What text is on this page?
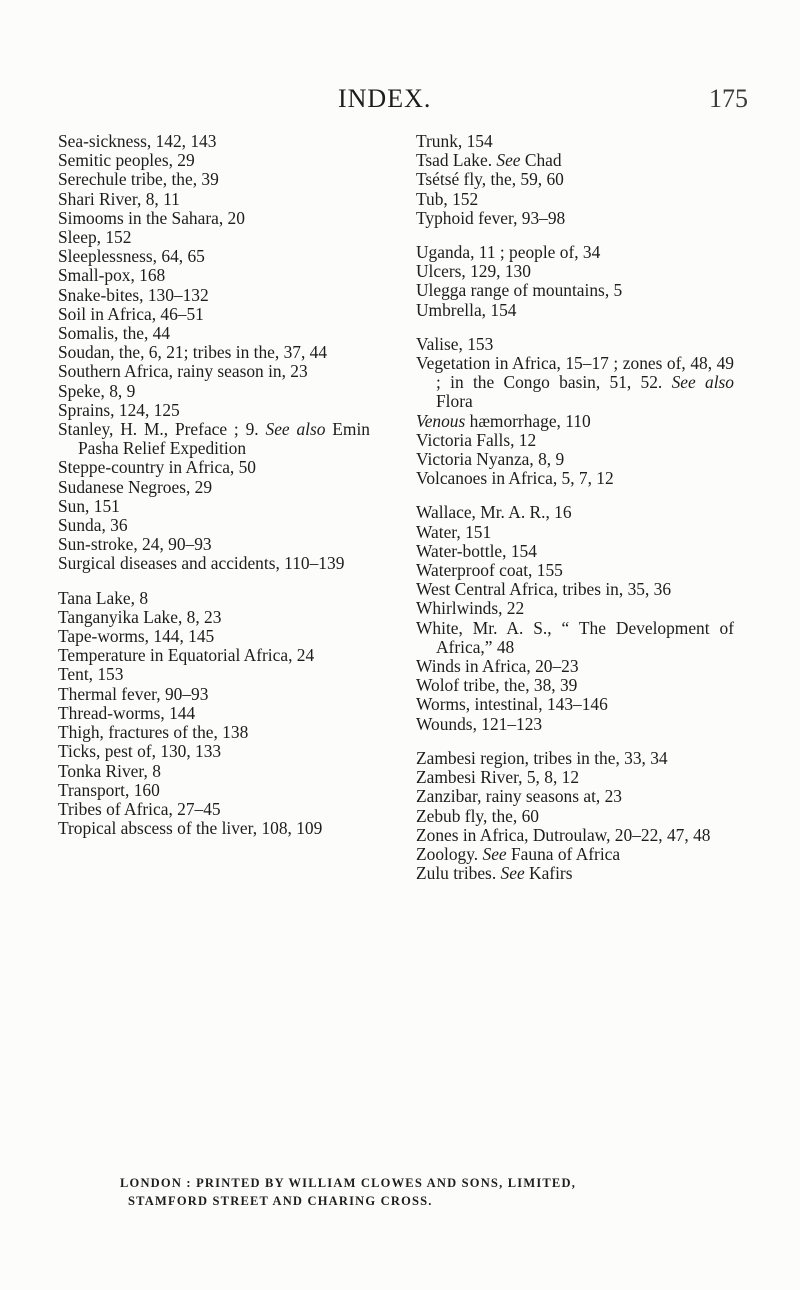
INDEX.	175
Sea-sickness, 142, 143
Semitic peoples, 29
Serechule tribe, the, 39
Shari River, 8, 11
Simooms in the Sahara, 20
Sleep, 152
Sleeplessness, 64, 65
Small-pox, 168
Snake-bites, 130–132
Soil in Africa, 46–51
Somalis, the, 44
Soudan, the, 6, 21; tribes in the, 37, 44
Southern Africa, rainy season in, 23
Speke, 8, 9
Sprains, 124, 125
Stanley, H. M., Preface ; 9. See also Emin Pasha Relief Expedition
Steppe-country in Africa, 50
Sudanese Negroes, 29
Sun, 151
Sunda, 36
Sun-stroke, 24, 90–93
Surgical diseases and accidents, 110–139
Tana Lake, 8
Tanganyika Lake, 8, 23
Tape-worms, 144, 145
Temperature in Equatorial Africa, 24
Tent, 153
Thermal fever, 90–93
Thread-worms, 144
Thigh, fractures of the, 138
Ticks, pest of, 130, 133
Tonka River, 8
Transport, 160
Tribes of Africa, 27–45
Tropical abscess of the liver, 108, 109
Trunk, 154
Tsad Lake. See Chad
Tsétsé fly, the, 59, 60
Tub, 152
Typhoid fever, 93–98
Uganda, 11 ; people of, 34
Ulcers, 129, 130
Ulegga range of mountains, 5
Umbrella, 154
Valise, 153
Vegetation in Africa, 15–17 ; zones of, 48, 49 ; in the Congo basin, 51, 52. See also Flora
Venous hæmorrhage, 110
Victoria Falls, 12
Victoria Nyanza, 8, 9
Volcanoes in Africa, 5, 7, 12
Wallace, Mr. A. R., 16
Water, 151
Water-bottle, 154
Waterproof coat, 155
West Central Africa, tribes in, 35, 36
Whirlwinds, 22
White, Mr. A. S., “ The Development of Africa,” 48
Winds in Africa, 20–23
Wolof tribe, the, 38, 39
Worms, intestinal, 143–146
Wounds, 121–123
Zambesi region, tribes in the, 33, 34
Zambesi River, 5, 8, 12
Zanzibar, rainy seasons at, 23
Zebub fly, the, 60
Zones in Africa, Dutroulaw, 20–22, 47, 48
Zoology. See Fauna of Africa
Zulu tribes. See Kafirs
LONDON : PRINTED BY WILLIAM CLOWES AND SONS, LIMITED,
STAMFORD STREET AND CHARING CROSS.
